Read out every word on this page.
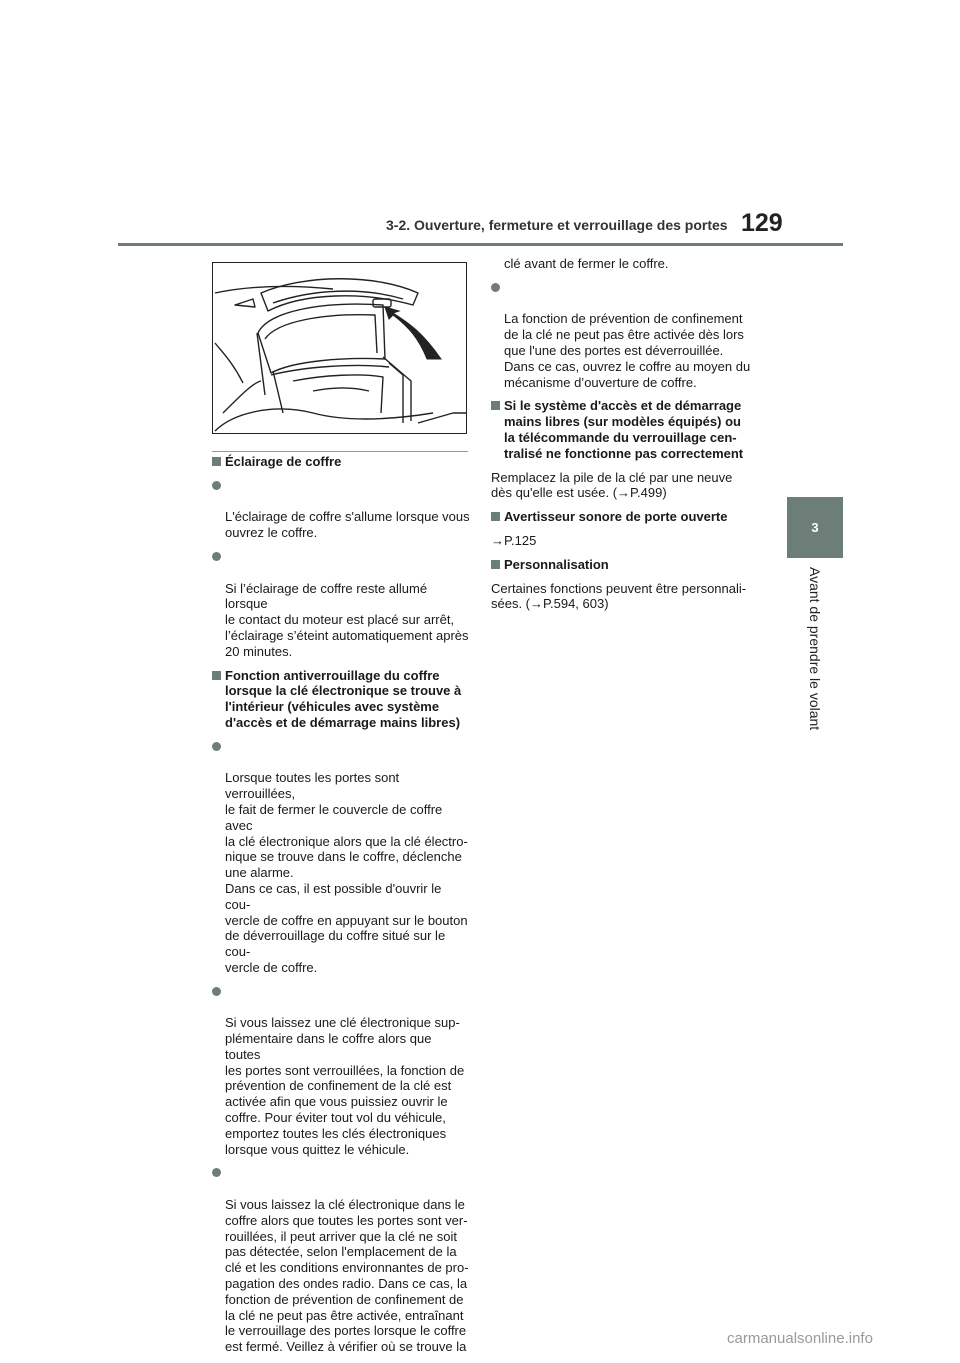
3-2. Ouverture, fermeture et verrouillage des portes 129
3
Avant de prendre le volant
Éclairage de coffre

L'éclairage de coffre s'allume lorsque vous
ouvrez le coffre.

Si l’éclairage de coffre reste allumé lorsque
le contact du moteur est placé sur arrêt,
l’éclairage s’éteint automatiquement après
20 minutes.

Fonction antiverrouillage du coffre lorsque la clé électronique se trouve à l'intérieur (véhicules avec système d'accès et de démarrage mains libres)

Lorsque toutes les portes sont verrouillées,
le fait de fermer le couvercle de coffre avec
la clé électronique alors que la clé électro-
nique se trouve dans le coffre, déclenche
une alarme.
Dans ce cas, il est possible d'ouvrir le cou-
vercle de coffre en appuyant sur le bouton
de déverrouillage du coffre situé sur le cou-
vercle de coffre.

Si vous laissez une clé électronique sup-
plémentaire dans le coffre alors que toutes
les portes sont verrouillées, la fonction de
prévention de confinement de la clé est
activée afin que vous puissiez ouvrir le
coffre. Pour éviter tout vol du véhicule,
emportez toutes les clés électroniques
lorsque vous quittez le véhicule.

Si vous laissez la clé électronique dans le
coffre alors que toutes les portes sont ver-
rouillées, il peut arriver que la clé ne soit
pas détectée, selon l'emplacement de la
clé et les conditions environnantes de pro-
pagation des ondes radio. Dans ce cas, la
fonction de prévention de confinement de
la clé ne peut pas être activée, entraînant
le verrouillage des portes lorsque le coffre
est fermé. Veillez à vérifier où se trouve la

clé avant de fermer le coffre.

La fonction de prévention de confinement
de la clé ne peut pas être activée dès lors
que l'une des portes est déverrouillée.
Dans ce cas, ouvrez le coffre au moyen du
mécanisme d’ouverture de coffre.

Si le système d'accès et de démarrage mains libres (sur modèles équipés) ou la télécommande du verrouillage cen-tralisé ne fonctionne pas correctement
Remplacez la pile de la clé par une neuve
dès qu'elle est usée. (→P.499)
Avertisseur sonore de porte ouverte
→P.125
Personnalisation
Certaines fonctions peuvent être personnali-
sées. (→P.594, 603)
carmanualsonline.info
